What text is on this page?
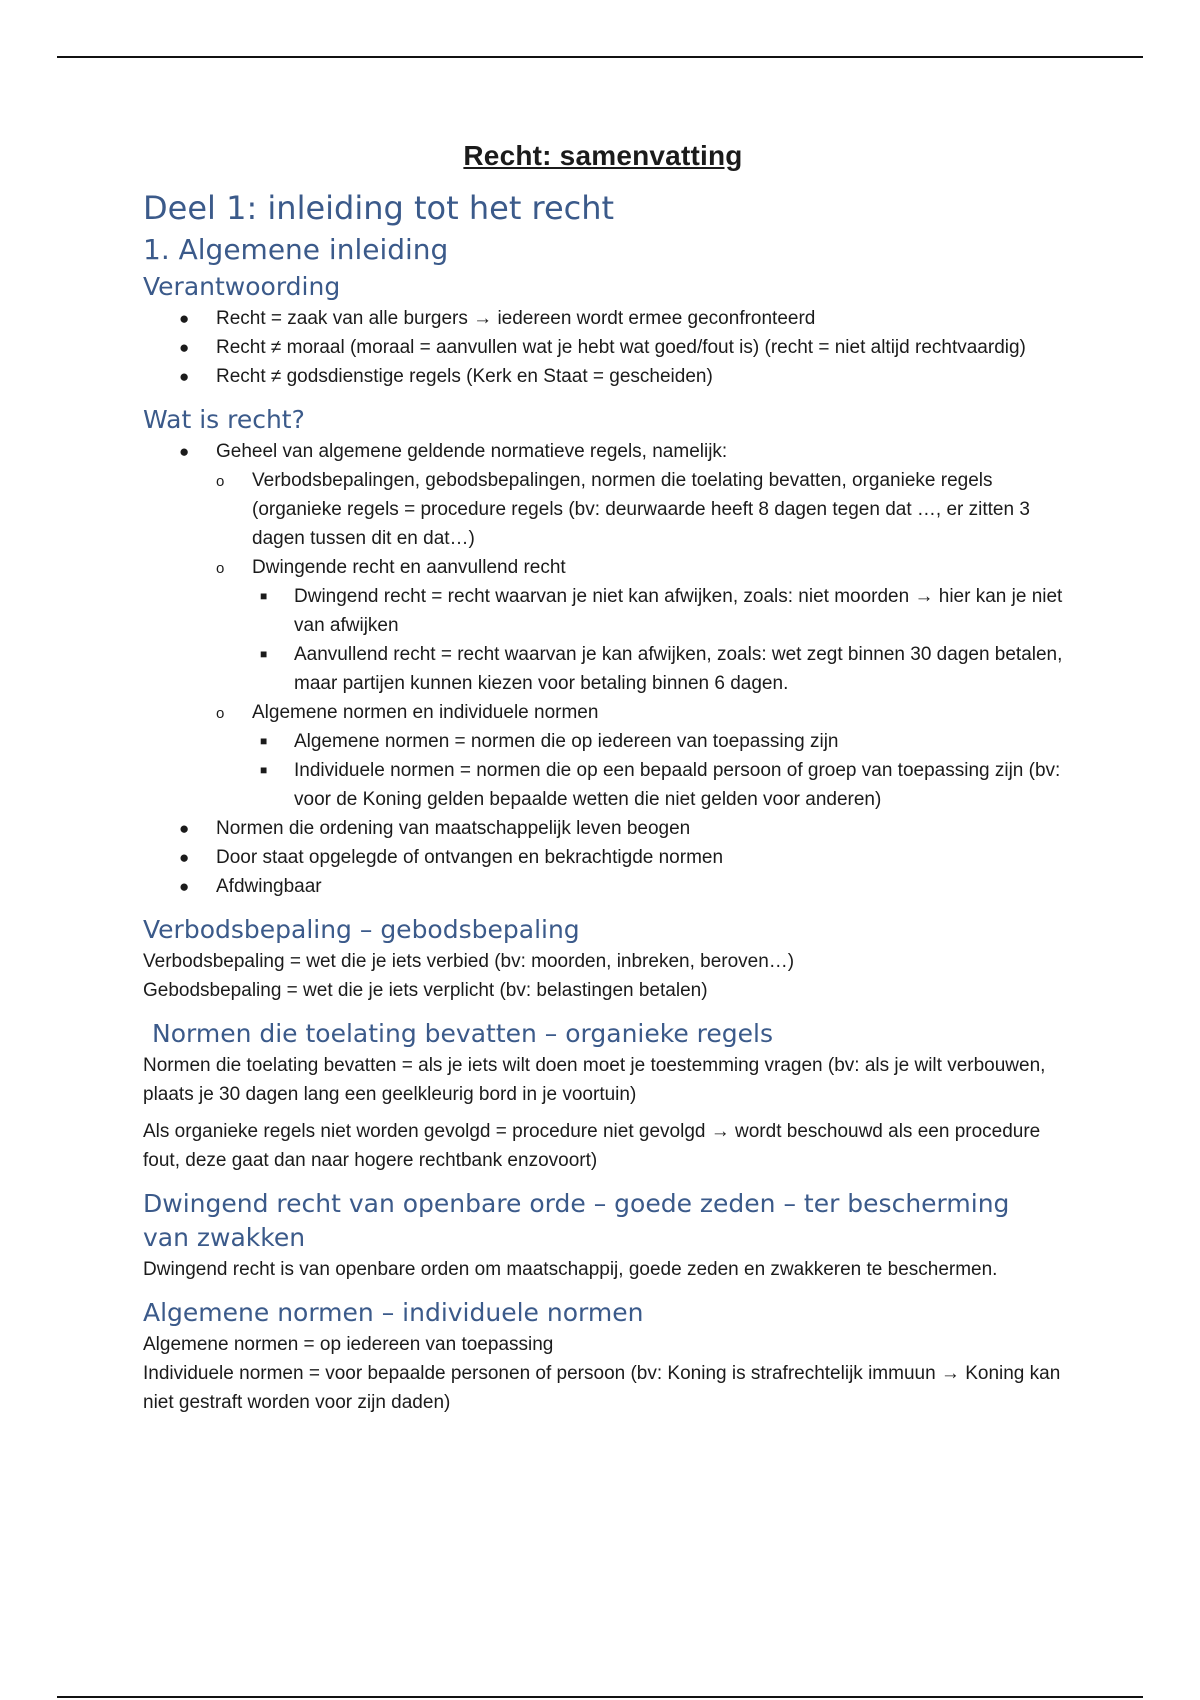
Recht: samenvatting
Deel 1: inleiding tot het recht
1. Algemene inleiding
Verantwoording
● Recht = zaak van alle burgers → iedereen wordt ermee geconfronteerd
● Recht ≠ moraal (moraal = aanvullen wat je hebt wat goed/fout is) (recht = niet altijd rechtvaardig)
● Recht ≠ godsdienstige regels (Kerk en Staat = gescheiden)
Wat is recht?
● Geheel van algemene geldende normatieve regels, namelijk:
o Verbodsbepalingen, gebodsbepalingen, normen die toelating bevatten, organieke regels (organieke regels = procedure regels (bv: deurwaarde heeft 8 dagen tegen dat …, er zitten 3 dagen tussen dit en dat…)
o Dwingende recht en aanvullend recht
■ Dwingend recht = recht waarvan je niet kan afwijken, zoals: niet moorden → hier kan je niet van afwijken
■ Aanvullend recht = recht waarvan je kan afwijken, zoals: wet zegt binnen 30 dagen betalen, maar partijen kunnen kiezen voor betaling binnen 6 dagen.
o Algemene normen en individuele normen
■ Algemene normen = normen die op iedereen van toepassing zijn
■ Individuele normen = normen die op een bepaald persoon of groep van toepassing zijn (bv: voor de Koning gelden bepaalde wetten die niet gelden voor anderen)
● Normen die ordening van maatschappelijk leven beogen
● Door staat opgelegde of ontvangen en bekrachtigde normen
● Afdwingbaar
Verbodsbepaling – gebodsbepaling

Verbodsbepaling = wet die je iets verbied (bv: moorden, inbreken, beroven…)

Gebodsbepaling = wet die je iets verplicht (bv: belastingen betalen)

Normen die toelating bevatten – organieke regels

Normen die toelating bevatten = als je iets wilt doen moet je toestemming vragen (bv: als je wilt verbouwen, plaats je 30 dagen lang een geelkleurig bord in je voortuin)

Als organieke regels niet worden gevolgd = procedure niet gevolgd → wordt beschouwd als een procedure fout, deze gaat dan naar hogere rechtbank enzovoort)

Dwingend recht van openbare orde – goede zeden – ter bescherming van zwakken

Dwingend recht is van openbare orden om maatschappij, goede zeden en zwakkeren te beschermen.

Algemene normen – individuele normen

Algemene normen = op iedereen van toepassing

Individuele normen = voor bepaalde personen of persoon (bv: Koning is strafrechtelijk immuun → Koning kan niet gestraft worden voor zijn daden)
